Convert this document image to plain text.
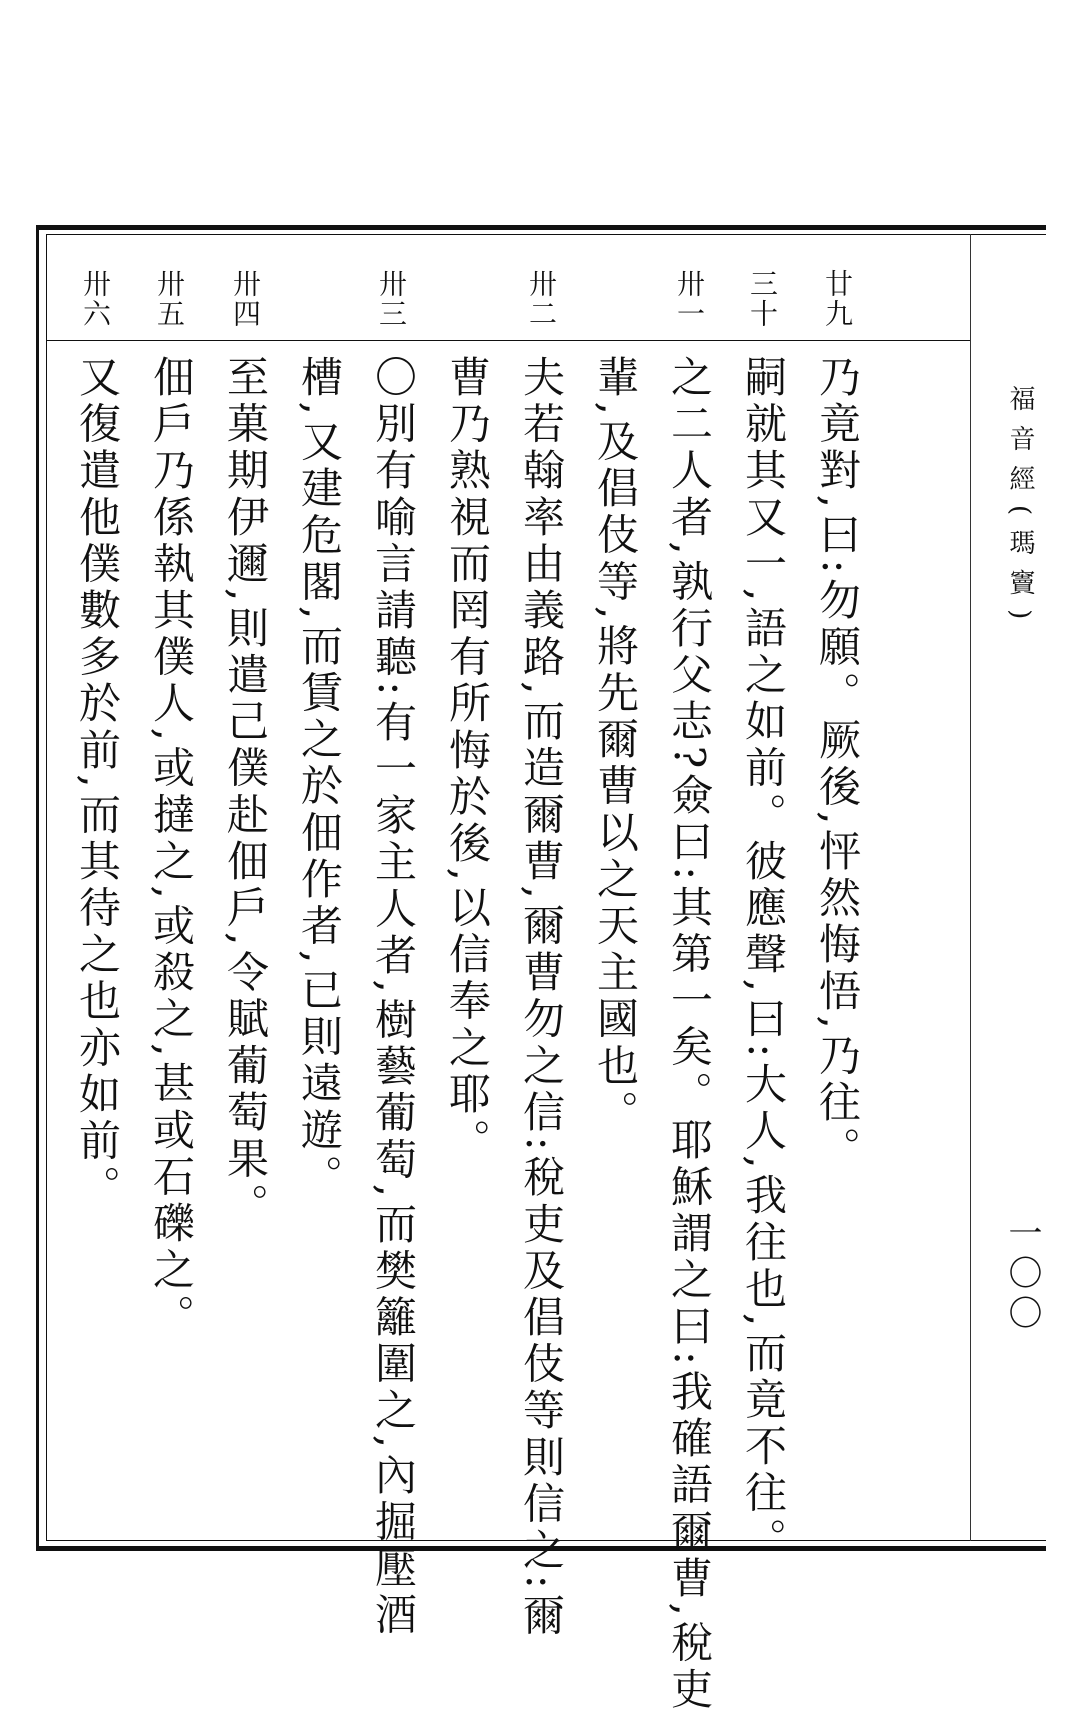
福音經(瑪竇)
一〇〇
廿九
三十
卅一
卅二
卅三
卅四
卅五
卅六
乃竟對,曰:勿願。厥後,怦然悔悟,乃往。
嗣就其又一,語之如前。彼應聲,曰:大人,我往也,而竟不往。
之二人者,孰行父志?僉曰:其第一矣。耶穌謂之曰:我確語爾曹,稅吏
輩,及倡伎等,將先爾曹以之天主國也。
夫若翰率由義路,而造爾曹,爾曹勿之信:稅吏及倡伎等則信之:爾
曹乃熟視而罔有所悔於後,以信奉之耶。
〇別有喻言請聽:有一家主人者,樹藝葡萄,而樊籬圍之,內掘壓酒
槽,又建危閣,而賃之於佃作者,已則遠遊。
至菓期伊邇,則遣己僕赴佃戶,令賦葡萄果。
佃戶乃係執其僕人,或撻之,或殺之,甚或石礫之。
又復遣他僕數多於前,而其待之也亦如前。
